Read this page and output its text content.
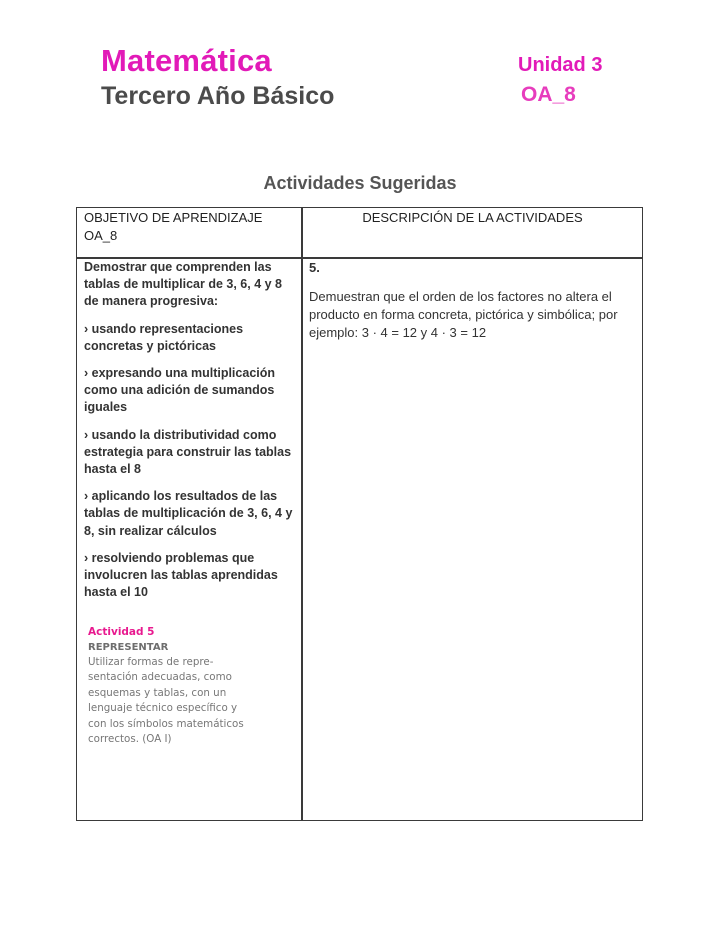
Matemática
Tercero Año Básico
Unidad 3
OA_8
Actividades Sugeridas
OBJETIVO DE APRENDIZAJE OA_8
DESCRIPCIÓN DE LA ACTIVIDADES

Demostrar que comprenden las tablas de multiplicar de 3, 6, 4 y 8 de manera progresiva:

› usando representaciones concretas y pictóricas

› expresando una multiplicación como una adición de sumandos iguales

› usando la distributividad como estrategia para construir las tablas hasta el 8

› aplicando los resultados de las tablas de multiplicación de 3, 6, 4 y 8, sin realizar cálculos

› resolviendo problemas que involucren las tablas aprendidas hasta el 10

Actividad 5
REPRESENTAR
Utilizar formas de repre-sentación adecuadas, como esquemas y tablas, con un lenguaje técnico específico y con los símbolos matemáticos correctos. (OA I)
5.
Demuestran que el orden de los factores no altera el producto en forma concreta, pictórica y simbólica; por ejemplo: 3 · 4 = 12 y 4 · 3 = 12
